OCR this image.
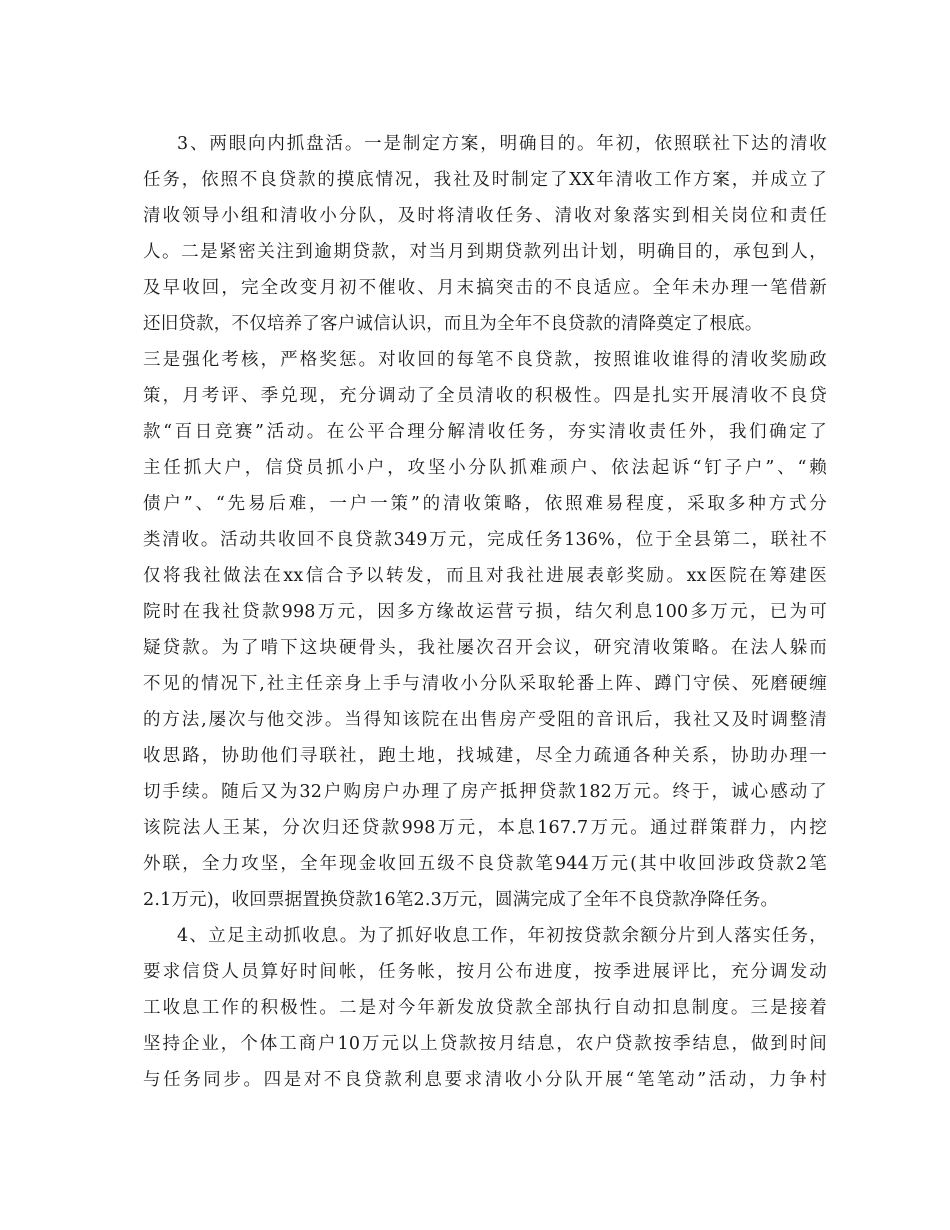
3、两眼向内抓盘活。一是制定方案，明确目的。年初，依照联社下达的清收
任务，依照不良贷款的摸底情况，我社及时制定了XX年清收工作方案，并成立了
清收领导小组和清收小分队，及时将清收任务、清收对象落实到相关岗位和责任
人。二是紧密关注到逾期贷款，对当月到期贷款列出计划，明确目的，承包到人，
及早收回，完全改变月初不催收、月末搞突击的不良适应。全年未办理一笔借新
还旧贷款，不仅培养了客户诚信认识，而且为全年不良贷款的清降奠定了根底。
三是强化考核，严格奖惩。对收回的每笔不良贷款，按照谁收谁得的清收奖励政
策，月考评、季兑现，充分调动了全员清收的积极性。四是扎实开展清收不良贷
款“百日竞赛”活动。在公平合理分解清收任务，夯实清收责任外，我们确定了
主任抓大户，信贷员抓小户，攻坚小分队抓难顽户、依法起诉“钉子户”、“赖
债户”、“先易后难，一户一策”的清收策略，依照难易程度，采取多种方式分
类清收。活动共收回不良贷款349万元，完成任务136%，位于全县第二，联社不
仅将我社做法在xx信合予以转发，而且对我社进展表彰奖励。xx医院在筹建医
院时在我社贷款998万元，因多方缘故运营亏损，结欠利息100多万元，已为可
疑贷款。为了啃下这块硬骨头，我社屡次召开会议，研究清收策略。在法人躲而
不见的情况下,社主任亲身上手与清收小分队采取轮番上阵、蹲门守侯、死磨硬缠
的方法,屡次与他交涉。当得知该院在出售房产受阻的音讯后，我社又及时调整清
收思路，协助他们寻联社，跑土地，找城建，尽全力疏通各种关系，协助办理一
切手续。随后又为32户购房户办理了房产抵押贷款182万元。终于，诚心感动了
该院法人王某，分次归还贷款998万元，本息167.7万元。通过群策群力，内挖
外联，全力攻坚，全年现金收回五级不良贷款笔944万元(其中收回涉政贷款2笔
2.1万元)，收回票据置换贷款16笔2.3万元，圆满完成了全年不良贷款净降任务。
4、立足主动抓收息。为了抓好收息工作，年初按贷款余额分片到人落实任务，
要求信贷人员算好时间帐，任务帐，按月公布进度，按季进展评比，充分调发动
工收息工作的积极性。二是对今年新发放贷款全部执行自动扣息制度。三是接着
坚持企业，个体工商户10万元以上贷款按月结息，农户贷款按季结息，做到时间
与任务同步。四是对不良贷款利息要求清收小分队开展“笔笔动”活动，力争村
